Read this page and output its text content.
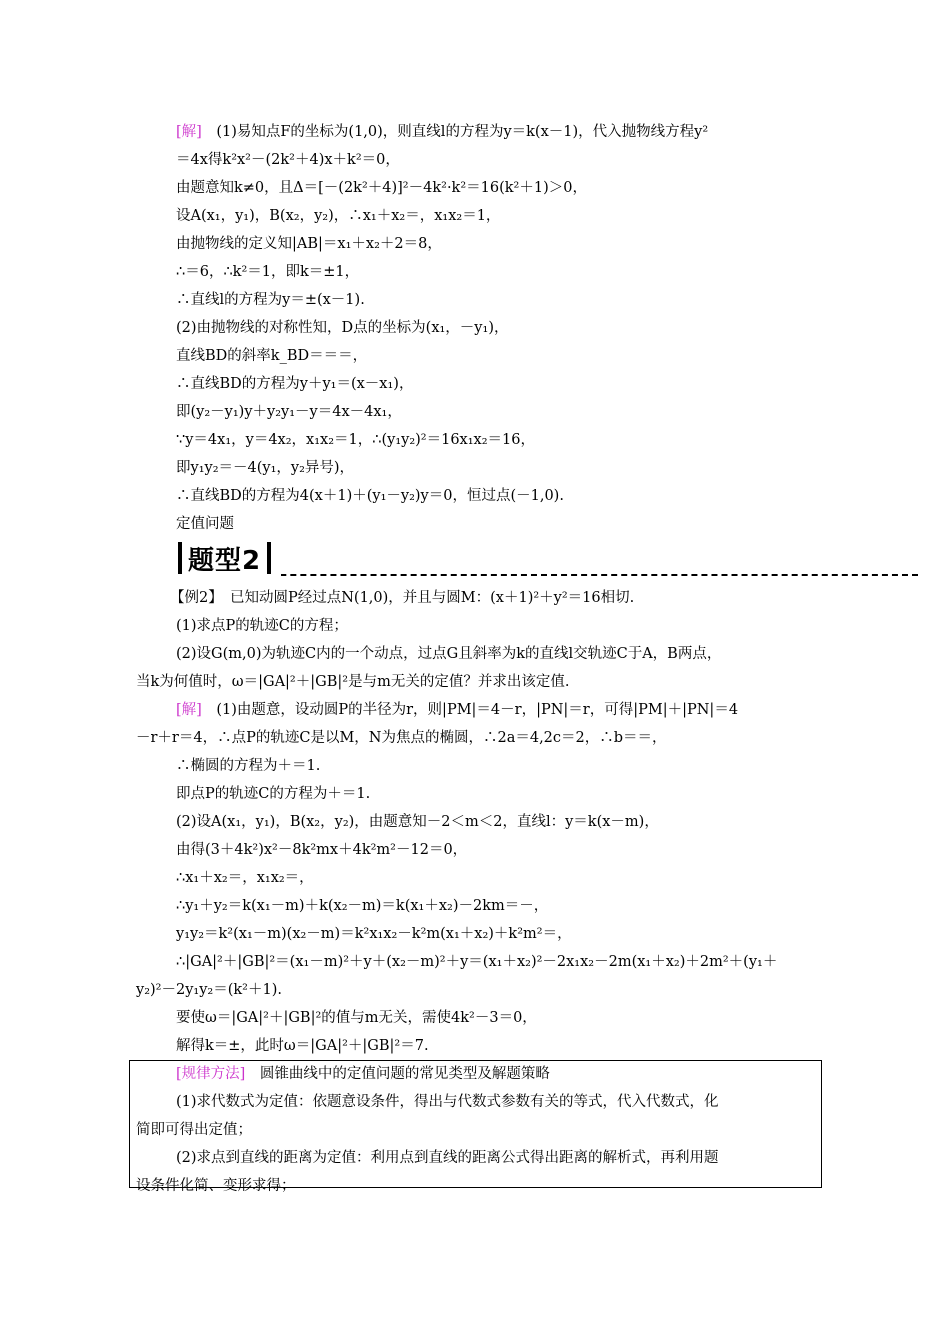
题型2

[解]　(1)易知点F的坐标为(1,0)，则直线l的方程为y＝k(x－1)，代入抛物线方程y²

＝4x得k²x²－(2k²＋4)x＋k²＝0，

由题意知k≠0，且Δ＝[－(2k²＋4)]²－4k²·k²＝16(k²＋1)＞0，

设A(x₁，y₁)，B(x₂，y₂)，∴x₁＋x₂＝，x₁x₂＝1，

由抛物线的定义知|AB|＝x₁＋x₂＋2＝8，

∴＝6，∴k²＝1，即k＝±1，

∴直线l的方程为y＝±(x－1).

(2)由抛物线的对称性知，D点的坐标为(x₁，－y₁)，

直线BD的斜率k_BD＝＝＝，

∴直线BD的方程为y＋y₁＝(x－x₁)，

即(y₂－y₁)y＋y₂y₁－y＝4x－4x₁，

∵y＝4x₁，y＝4x₂，x₁x₂＝1，∴(y₁y₂)²＝16x₁x₂＝16，

即y₁y₂＝－4(y₁，y₂异号)，

∴直线BD的方程为4(x＋1)＋(y₁－y₂)y＝0，恒过点(－1,0).

定值问题

【例2】　已知动圆P经过点N(1,0)，并且与圆M：(x＋1)²＋y²＝16相切.

(1)求点P的轨迹C的方程；

(2)设G(m,0)为轨迹C内的一个动点，过点G且斜率为k的直线l交轨迹C于A，B两点，

当k为何值时，ω＝|GA|²＋|GB|²是与m无关的定值？并求出该定值.

[解]　(1)由题意，设动圆P的半径为r，则|PM|＝4－r，|PN|＝r，可得|PM|＋|PN|＝4

－r＋r＝4，∴点P的轨迹C是以M，N为焦点的椭圆，∴2a＝4,2c＝2，∴b＝＝，

∴椭圆的方程为＋＝1.

即点P的轨迹C的方程为＋＝1.

(2)设A(x₁，y₁)，B(x₂，y₂)，由题意知－2＜m＜2，直线l：y＝k(x－m)，

由得(3＋4k²)x²－8k²mx＋4k²m²－12＝0，

∴x₁＋x₂＝，x₁x₂＝，

∴y₁＋y₂＝k(x₁－m)＋k(x₂－m)＝k(x₁＋x₂)－2km＝－，

y₁y₂＝k²(x₁－m)(x₂－m)＝k²x₁x₂－k²m(x₁＋x₂)＋k²m²＝，

∴|GA|²＋|GB|²＝(x₁－m)²＋y＋(x₂－m)²＋y＝(x₁＋x₂)²－2x₁x₂－2m(x₁＋x₂)＋2m²＋(y₁＋

y₂)²－2y₁y₂＝(k²＋1).

要使ω＝|GA|²＋|GB|²的值与m无关，需使4k²－3＝0，

解得k＝±，此时ω＝|GA|²＋|GB|²＝7.

[规律方法]　圆锥曲线中的定值问题的常见类型及解题策略

(1)求代数式为定值：依题意设条件，得出与代数式参数有关的等式，代入代数式，化

简即可得出定值；

(2)求点到直线的距离为定值：利用点到直线的距离公式得出距离的解析式，再利用题

设条件化简、变形求得；
